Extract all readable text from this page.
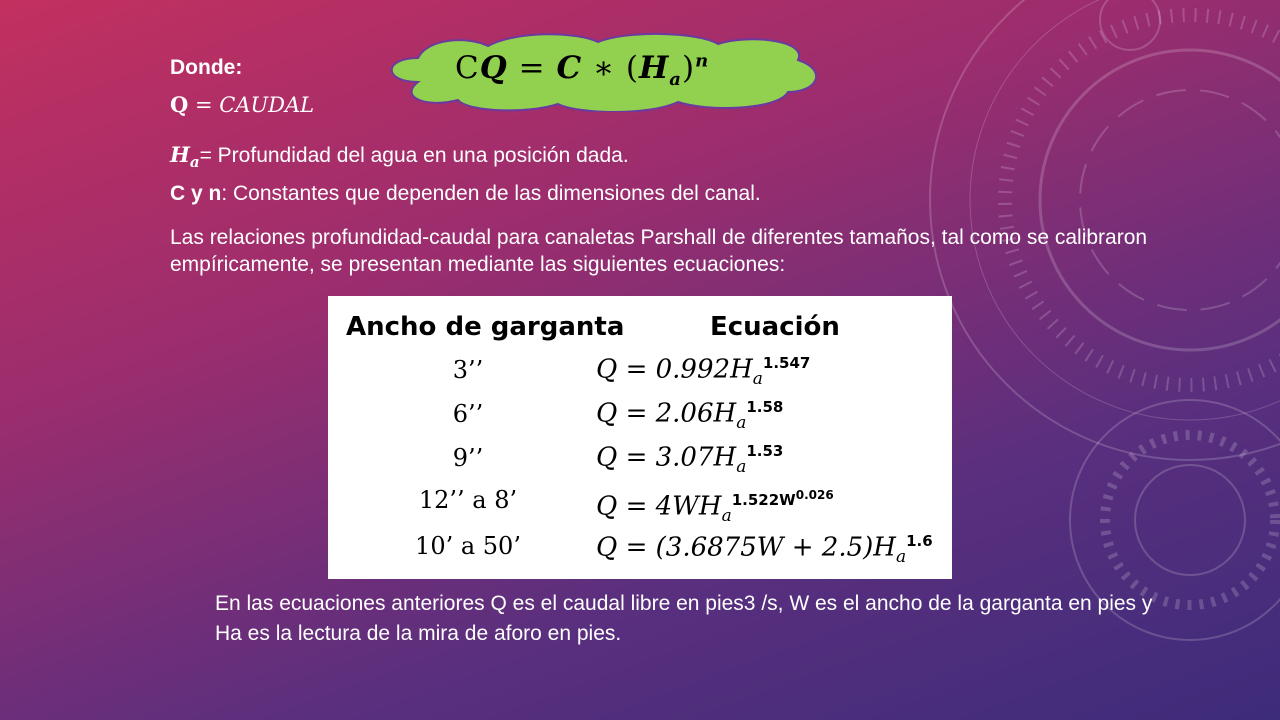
CQ = C ∗ $(H_a)^n$
Donde:
Q = CAUDAL
$H_a=$ Profundidad del agua en una posición dada.
C y n: Constantes que dependen de las dimensiones del canal.
Las relaciones profundidad-caudal para canaletas Parshall de diferentes tamaños, tal como se calibraron empíricamente, se presentan mediante las siguientes ecuaciones:
Ancho de garganta	Ecuación
3’’	$Q = 0.992H_a^{1.547}$
6’’	$Q = 2.06H_a^{1.58}$
9’’	$Q = 3.07H_a^{1.53}$
12’’ a 8’	$Q = 4WH_a^{1.522W^{0.026}}$
10’ a 50’	$Q = (3.6875W + 2.5)H_a^{1.6}$
En las ecuaciones anteriores Q es el caudal libre en pies3 /s, W es el ancho de la garganta en pies y Ha es la lectura de la mira de aforo en pies.
